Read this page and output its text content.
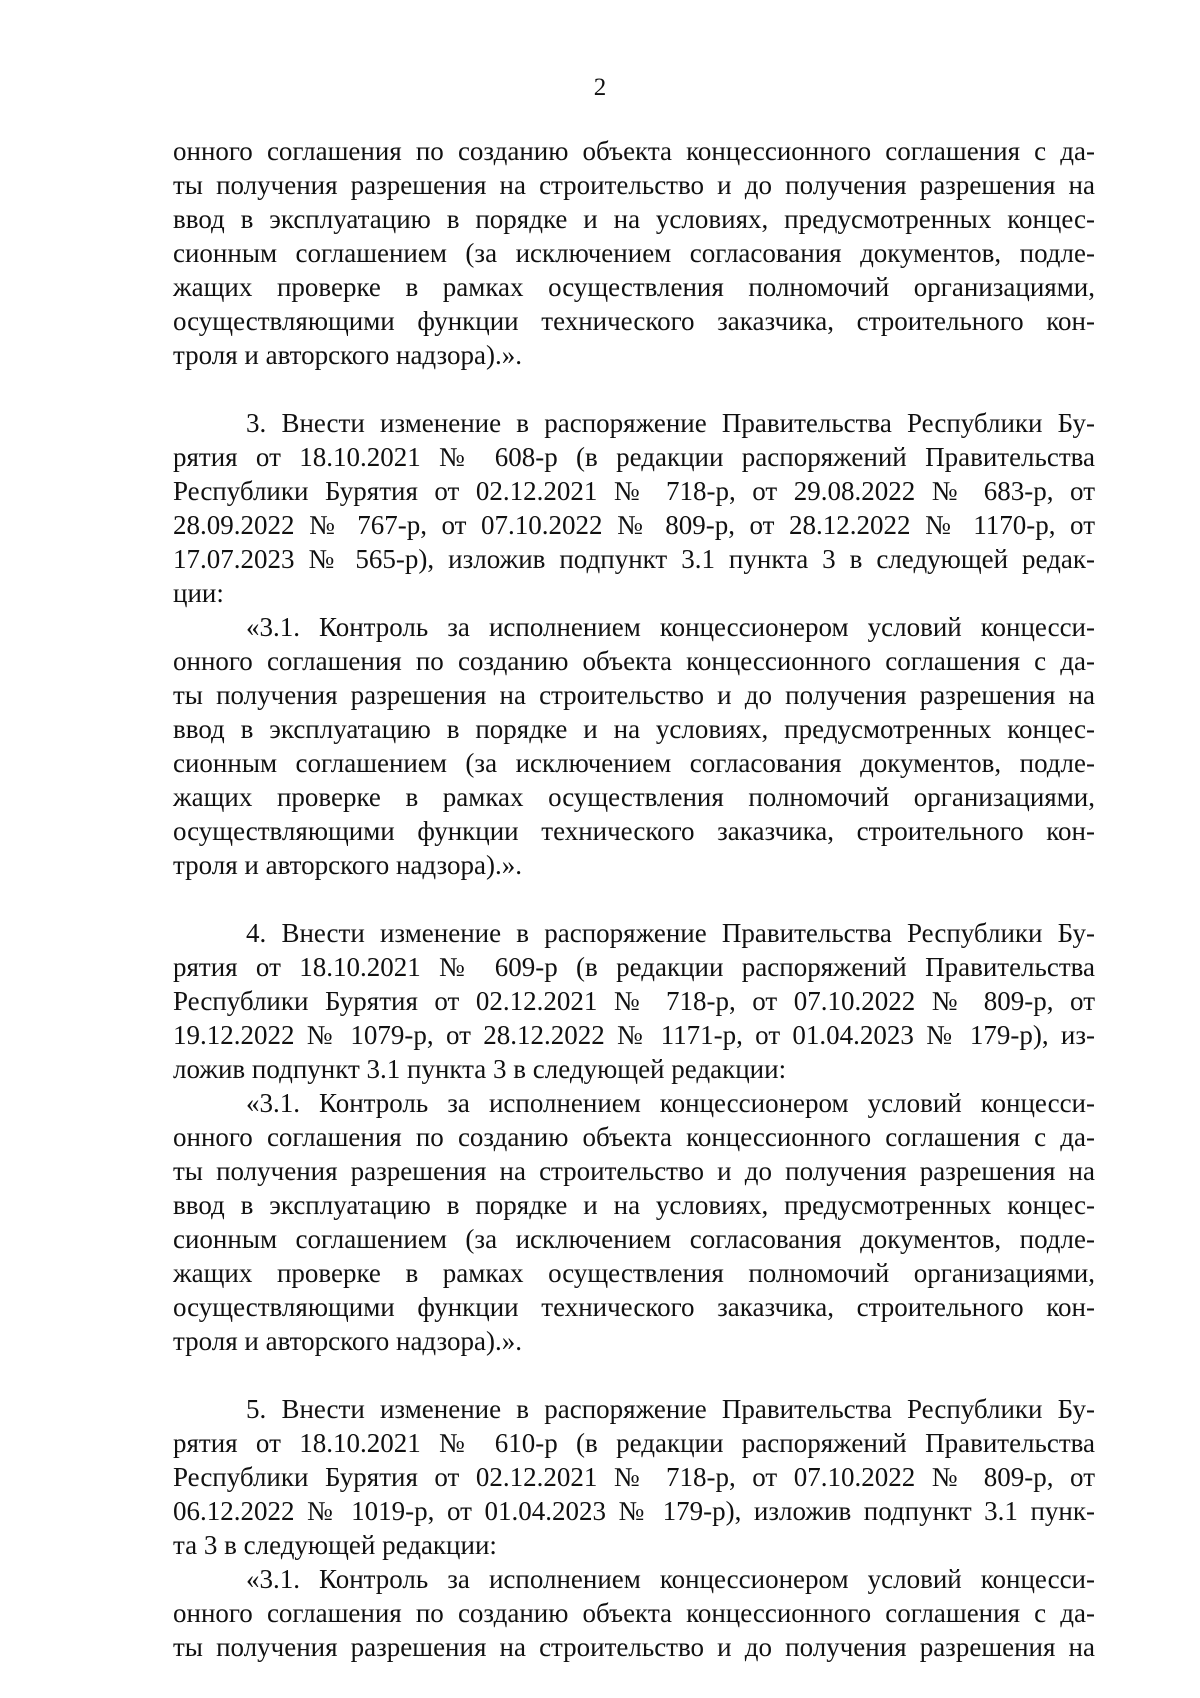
2
онного соглашения по созданию объекта концессионного соглашения с да-
ты получения разрешения на строительство и до получения разрешения на
ввод в эксплуатацию в порядке и на условиях, предусмотренных концес-
сионным соглашением (за исключением согласования документов, подле-
жащих проверке в рамках осуществления полномочий организациями,
осуществляющими функции технического заказчика, строительного кон-
троля и авторского надзора).».
3. Внести изменение в распоряжение Правительства Республики Бу-
рятия от 18.10.2021 № 608-р (в редакции распоряжений Правительства
Республики Бурятия от 02.12.2021 № 718-р, от 29.08.2022 № 683-р, от
28.09.2022 № 767-р, от 07.10.2022 № 809-р, от 28.12.2022 № 1170-р, от
17.07.2023 № 565-р), изложив подпункт 3.1 пункта 3 в следующей редак-
ции:
«3.1. Контроль за исполнением концессионером условий концесси-
онного соглашения по созданию объекта концессионного соглашения с да-
ты получения разрешения на строительство и до получения разрешения на
ввод в эксплуатацию в порядке и на условиях, предусмотренных концес-
сионным соглашением (за исключением согласования документов, подле-
жащих проверке в рамках осуществления полномочий организациями,
осуществляющими функции технического заказчика, строительного кон-
троля и авторского надзора).».
4. Внести изменение в распоряжение Правительства Республики Бу-
рятия от 18.10.2021 № 609-р (в редакции распоряжений Правительства
Республики Бурятия от 02.12.2021 № 718-р, от 07.10.2022 № 809-р, от
19.12.2022 № 1079-р, от 28.12.2022 № 1171-р, от 01.04.2023 № 179-р), из-
ложив подпункт 3.1 пункта 3 в следующей редакции:
«3.1. Контроль за исполнением концессионером условий концесси-
онного соглашения по созданию объекта концессионного соглашения с да-
ты получения разрешения на строительство и до получения разрешения на
ввод в эксплуатацию в порядке и на условиях, предусмотренных концес-
сионным соглашением (за исключением согласования документов, подле-
жащих проверке в рамках осуществления полномочий организациями,
осуществляющими функции технического заказчика, строительного кон-
троля и авторского надзора).».
5. Внести изменение в распоряжение Правительства Республики Бу-
рятия от 18.10.2021 № 610-р (в редакции распоряжений Правительства
Республики Бурятия от 02.12.2021 № 718-р, от 07.10.2022 № 809-р, от
06.12.2022 № 1019-р, от 01.04.2023 № 179-р), изложив подпункт 3.1 пунк-
та 3 в следующей редакции:
«3.1. Контроль за исполнением концессионером условий концесси-
онного соглашения по созданию объекта концессионного соглашения с да-
ты получения разрешения на строительство и до получения разрешения на
